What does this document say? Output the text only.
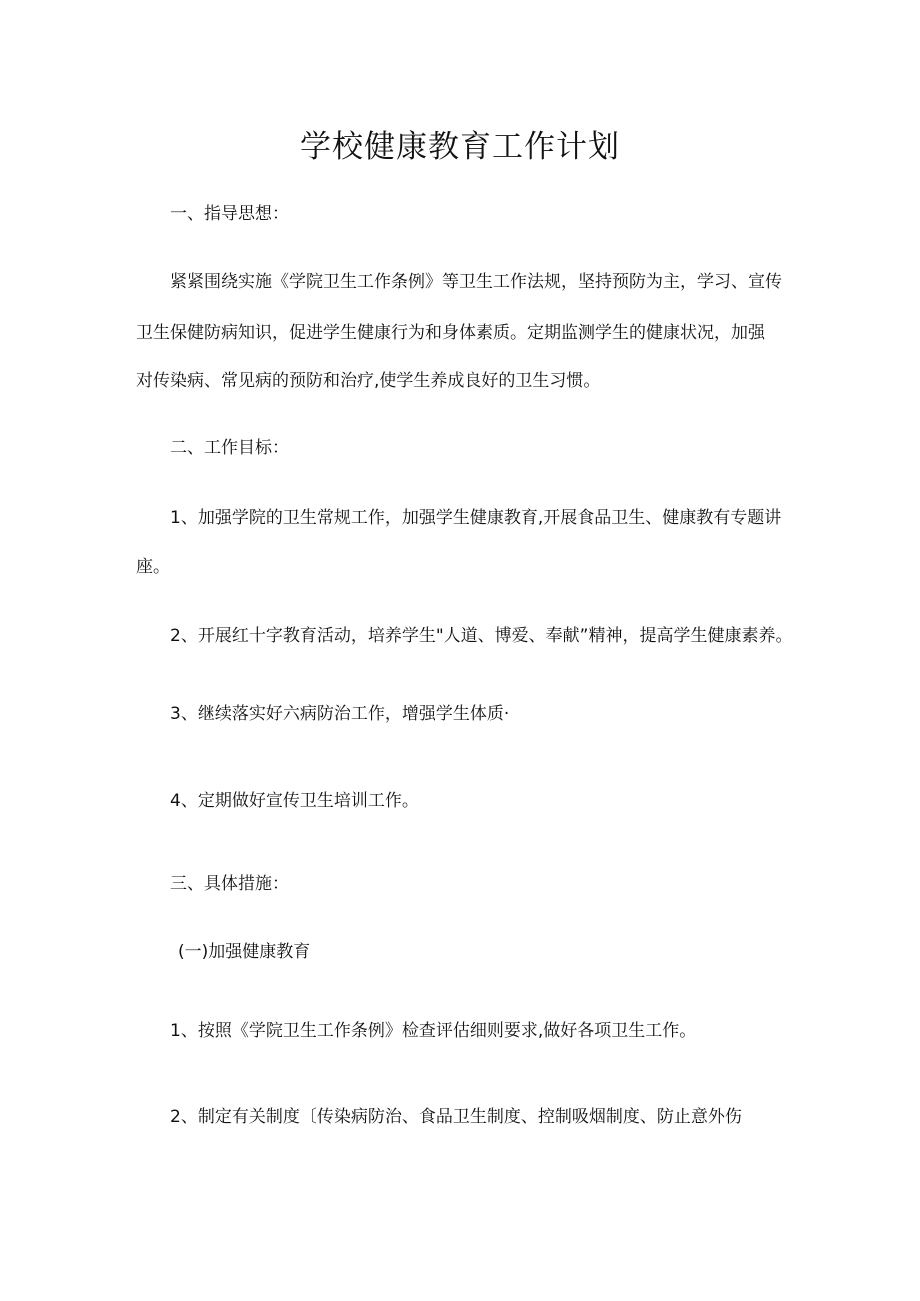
学校健康教育工作计划

一、指导思想：

紧紧围绕实施《学院卫生工作条例》等卫生工作法规，坚持预防为主，学习、宣传

卫生保健防病知识，促进学生健康行为和身体素质。定期监测学生的健康状况，加强

对传染病、常见病的预防和治疗,使学生养成良好的卫生习惯。

二、工作目标：

1、加强学院的卫生常规工作，加强学生健康教育,开展食品卫生、健康教有专题讲

座。

2、开展红十字教育活动，培养学生"人道、博爱、奉献”精神，提高学生健康素养。

3、继续落实好六病防治工作，增强学生体质·

4、定期做好宣传卫生培训工作。

三、具体措施：

(一)加强健康教育

1、按照《学院卫生工作条例》检查评估细则要求,做好各项卫生工作。

2、制定有关制度〔传染病防治、食品卫生制度、控制吸烟制度、防止意外伤
